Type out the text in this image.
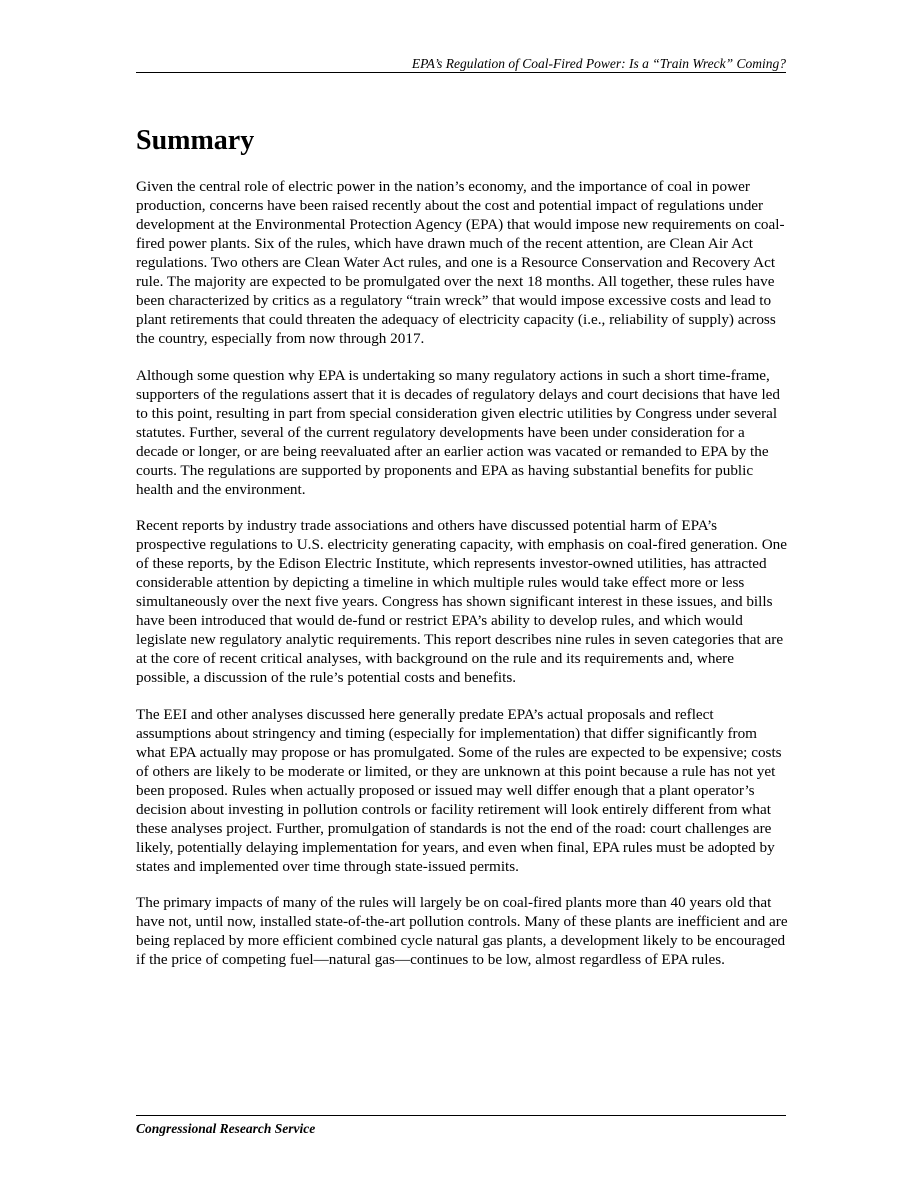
EPA’s Regulation of Coal-Fired Power: Is a “Train Wreck” Coming?
Summary

Given the central role of electric power in the nation’s economy, and the importance of coal in power production, concerns have been raised recently about the cost and potential impact of regulations under development at the Environmental Protection Agency (EPA) that would impose new requirements on coal-fired power plants. Six of the rules, which have drawn much of the recent attention, are Clean Air Act regulations. Two others are Clean Water Act rules, and one is a Resource Conservation and Recovery Act rule. The majority are expected to be promulgated over the next 18 months. All together, these rules have been characterized by critics as a regulatory “train wreck” that would impose excessive costs and lead to plant retirements that could threaten the adequacy of electricity capacity (i.e., reliability of supply) across the country, especially from now through 2017.

Although some question why EPA is undertaking so many regulatory actions in such a short time-frame, supporters of the regulations assert that it is decades of regulatory delays and court decisions that have led to this point, resulting in part from special consideration given electric utilities by Congress under several statutes. Further, several of the current regulatory developments have been under consideration for a decade or longer, or are being reevaluated after an earlier action was vacated or remanded to EPA by the courts. The regulations are supported by proponents and EPA as having substantial benefits for public health and the environment.

Recent reports by industry trade associations and others have discussed potential harm of EPA’s prospective regulations to U.S. electricity generating capacity, with emphasis on coal-fired generation. One of these reports, by the Edison Electric Institute, which represents investor-owned utilities, has attracted considerable attention by depicting a timeline in which multiple rules would take effect more or less simultaneously over the next five years. Congress has shown significant interest in these issues, and bills have been introduced that would de-fund or restrict EPA’s ability to develop rules, and which would legislate new regulatory analytic requirements. This report describes nine rules in seven categories that are at the core of recent critical analyses, with background on the rule and its requirements and, where possible, a discussion of the rule’s potential costs and benefits.

The EEI and other analyses discussed here generally predate EPA’s actual proposals and reflect assumptions about stringency and timing (especially for implementation) that differ significantly from what EPA actually may propose or has promulgated. Some of the rules are expected to be expensive; costs of others are likely to be moderate or limited, or they are unknown at this point because a rule has not yet been proposed. Rules when actually proposed or issued may well differ enough that a plant operator’s decision about investing in pollution controls or facility retirement will look entirely different from what these analyses project. Further, promulgation of standards is not the end of the road: court challenges are likely, potentially delaying implementation for years, and even when final, EPA rules must be adopted by states and implemented over time through state-issued permits.

The primary impacts of many of the rules will largely be on coal-fired plants more than 40 years old that have not, until now, installed state-of-the-art pollution controls. Many of these plants are inefficient and are being replaced by more efficient combined cycle natural gas plants, a development likely to be encouraged if the price of competing fuel—natural gas—continues to be low, almost regardless of EPA rules.

Congressional Research Service
